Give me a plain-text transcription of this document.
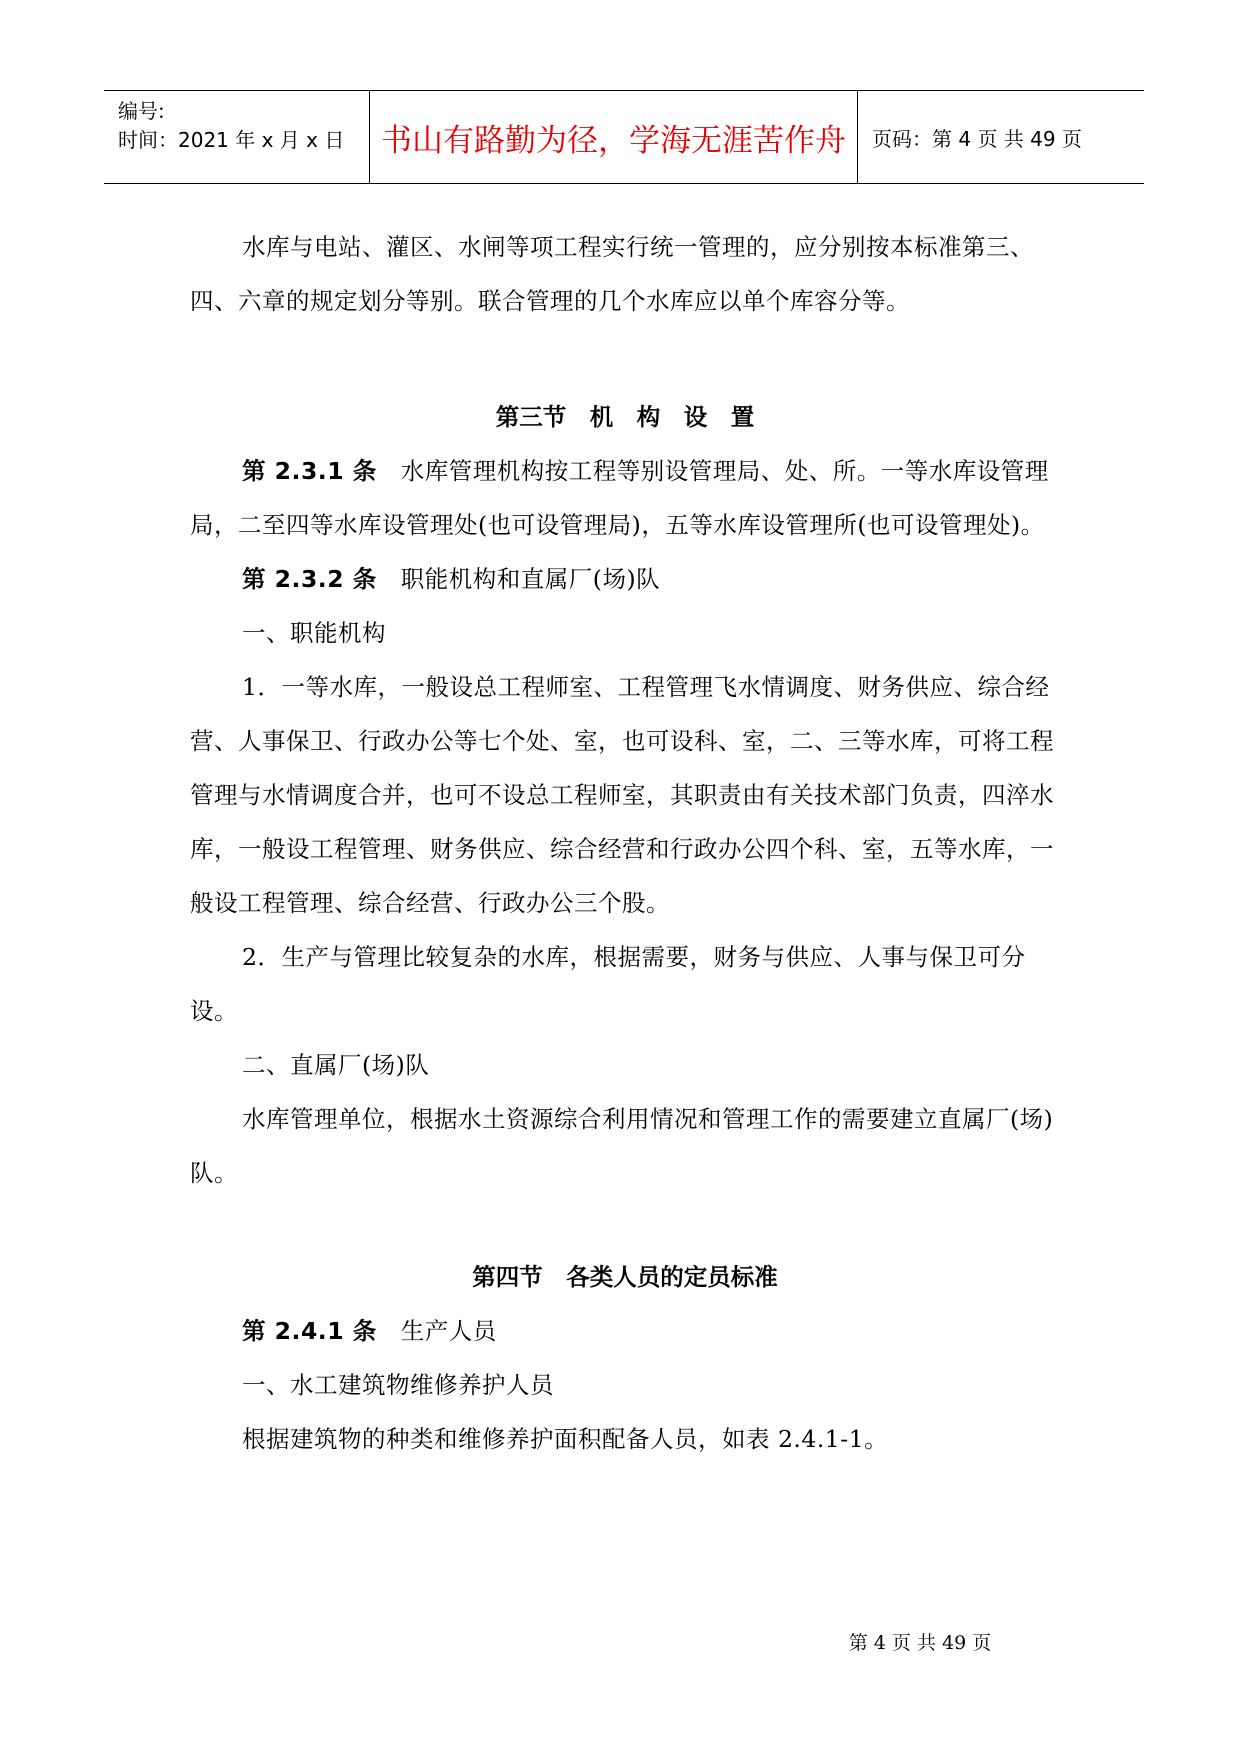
编号:
时间：2021 年 x 月 x 日	书山有路勤为径，学海无涯苦作舟	页码：第 4 页 共 49 页

水库与电站、灌区、水闸等项工程实行统一管理的，应分别按本标准第三、四、六章的规定划分等别。联合管理的几个水库应以单个库容分等。

第三节　机　构　设　置

第 2.3.1 条　水库管理机构按工程等别设管理局、处、所。一等水库设管理局，二至四等水库设管理处(也可设管理局)，五等水库设管理所(也可设管理处)。

第 2.3.2 条　职能机构和直属厂(场)队

一、职能机构

1．一等水库，一般设总工程师室、工程管理飞水情调度、财务供应、综合经营、人事保卫、行政办公等七个处、室，也可设科、室，二、三等水库，可将工程管理与水情调度合并，也可不设总工程师室，其职责由有关技术部门负责，四淬水库，一般设工程管理、财务供应、综合经营和行政办公四个科、室，五等水库，一般设工程管理、综合经营、行政办公三个股。

2．生产与管理比较复杂的水库，根据需要，财务与供应、人事与保卫可分设。

二、直属厂(场)队

水库管理单位，根据水土资源综合利用情况和管理工作的需要建立直属厂(场)队。

第四节　各类人员的定员标准

第 2.4.1 条　生产人员

一、水工建筑物维修养护人员

根据建筑物的种类和维修养护面积配备人员，如表 2.4.1-1。

第 4 页 共 49 页
